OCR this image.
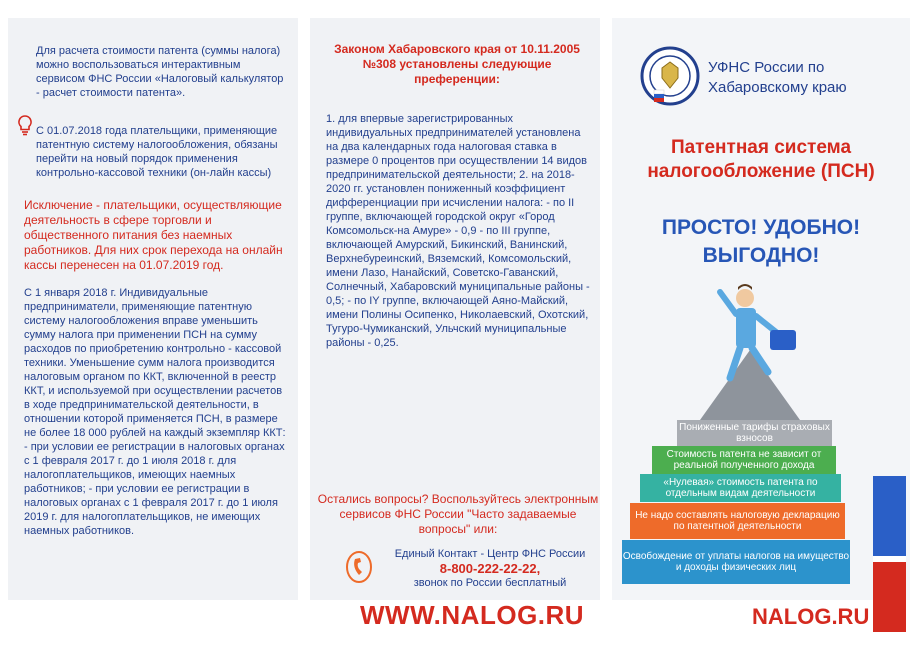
Для расчета стоимости патента (суммы налога) можно воспользоваться интерактивным сервисом ФНС России «Налоговый калькулятор - расчет стоимости патента».
С 01.07.2018 года плательщики, применяющие патентную систему налогообложения, обязаны перейти на новый порядок применения контрольно-кассовой техники (он-лайн кассы)
Исключение - плательщики, осуществляющие деятельность в сфере торговли и общественного питания без наемных работников. Для них срок перехода на онлайн кассы перенесен на 01.07.2019 год.
С 1 января 2018 г. Индивидуальные предприниматели, применяющие патентную систему налогообложения вправе уменьшить сумму налога при применении ПСН на сумму расходов по приобретению контрольно - кассовой техники. Уменьшение сумм налога производится налоговым органом по ККТ, включенной в реестр ККТ, и используемой при осуществлении расчетов в ходе предпринимательской деятельности, в отношении которой применяется ПСН, в размере не более 18 000 рублей на каждый экземпляр ККТ: - при условии ее регистрации в налоговых органах с 1 февраля 2017 г. до 1 июля 2018 г. для налогоплательщиков, имеющих наемных работников; - при условии ее регистрации в налоговых органах с 1 февраля 2017 г. до 1 июля 2019 г. для налогоплательщиков, не имеющих наемных работников.
Законом Хабаровского края от 10.11.2005 №308 установлены следующие преференции:
1. для впервые зарегистрированных индивидуальных предпринимателей установлена на два календарных года налоговая ставка в размере 0 процентов при осуществлении 14 видов предпринимательской деятельности; 2. на 2018-2020 гг. установлен пониженный коэффициент дифференциации при исчислении налога: - по II группе, включающей городской округ «Город Комсомольск-на Амуре» - 0,9 - по III группе, включающей Амурский, Бикинский, Ванинский, Верхнебуреинский, Вяземский, Комсомольский, имени Лазо, Нанайский, Советско-Гаванский, Солнечный, Хабаровский муниципальные районы - 0,5; - по IY группе, включающей Аяно-Майский, имени Полины Осипенко, Николаевский, Охотский, Тугуро-Чумиканский, Ульчский муниципальные районы - 0,25.
Остались вопросы? Воспользуйтесь электронным сервисов ФНС России "Часто задаваемые вопросы" или:
Единый Контакт - Центр ФНС России
8-800-222-22-22,
звонок по России бесплатный
WWW.NALOG.RU
УФНС России по Хабаровскому краю
Патентная система налогообложение (ПСН)
ПРОСТО! УДОБНО! ВЫГОДНО!
Пониженные тарифы страховых взносов
Стоимость патента не зависит от реальной полученного дохода
«Нулевая» стоимость патента по отдельным видам деятельности
Не надо составлять налоговую декларацию по патентной деятельности
Освобождение от уплаты налогов на имущество и доходы физических лиц
NALOG.RU
